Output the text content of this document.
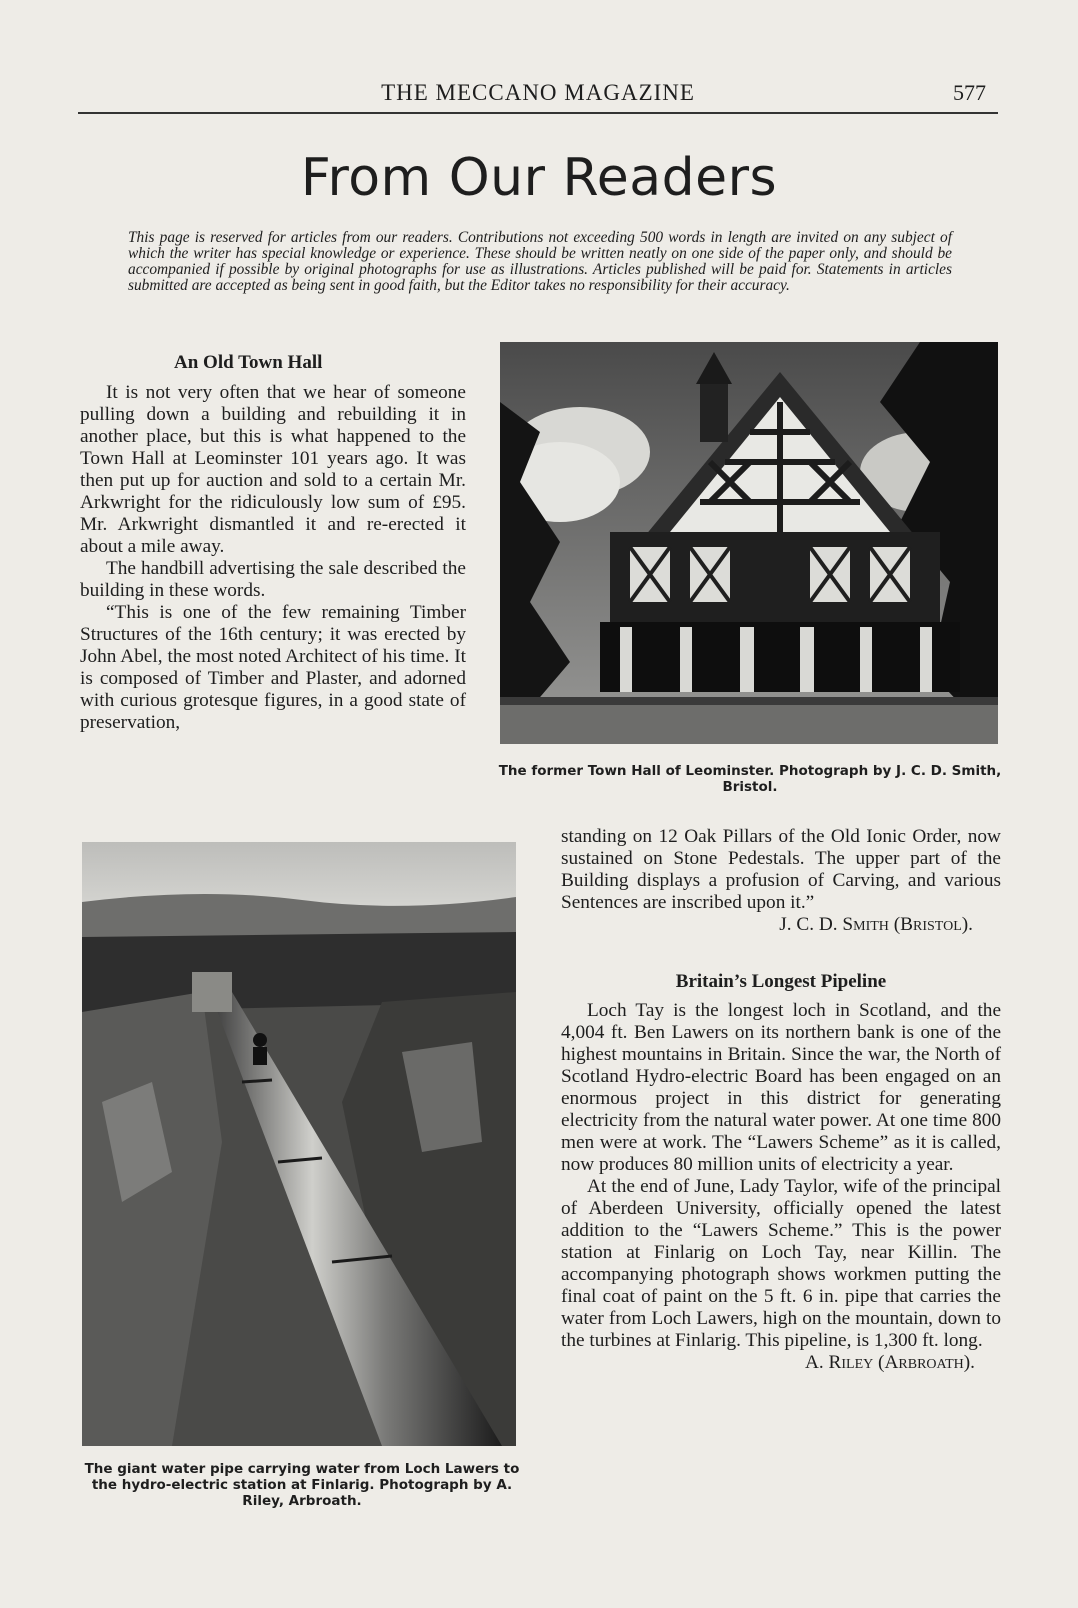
THE MECCANO MAGAZINE	577
From Our Readers
This page is reserved for articles from our readers. Contributions not exceeding 500 words in length are invited on any subject of which the writer has special knowledge or experience. These should be written neatly on one side of the paper only, and should be accompanied if possible by original photographs for use as illustrations. Articles published will be paid for. Statements in articles submitted are accepted as being sent in good faith, but the Editor takes no responsibility for their accuracy.
An Old Town Hall

It is not very often that we hear of someone pulling down a building and rebuilding it in another place, but this is what happened to the Town Hall at Leominster 101 years ago. It was then put up for auction and sold to a certain Mr. Arkwright for the ridiculously low sum of £95. Mr. Arkwright dismantled it and re-erected it about a mile away.

The handbill advertising the sale described the building in these words.

“This is one of the few remaining Timber Structures of the 16th century; it was erected by John Abel, the most noted Architect of his time. It is composed of Timber and Plaster, and adorned with curious grotesque figures, in a good state of preservation,

The former Town Hall of Leominster. Photograph by J. C. D. Smith, Bristol.
The giant water pipe carrying water from Loch Lawers to the hydro-electric station at Finlarig. Photograph by A. Riley, Arbroath.

standing on 12 Oak Pillars of the Old Ionic Order, now sustained on Stone Pedestals. The upper part of the Building displays a profusion of Carving, and various Sentences are inscribed upon it.”

J. C. D. Smith (Bristol).
Britain’s Longest Pipeline

Loch Tay is the longest loch in Scotland, and the 4,004 ft. Ben Lawers on its northern bank is one of the highest mountains in Britain. Since the war, the North of Scotland Hydro-electric Board has been engaged on an enormous project in this district for generating electricity from the natural water power. At one time 800 men were at work. The “Lawers Scheme” as it is called, now produces 80 million units of electricity a year.

At the end of June, Lady Taylor, wife of the principal of Aberdeen University, officially opened the latest addition to the “Lawers Scheme.” This is the power station at Finlarig on Loch Tay, near Killin. The accompanying photograph shows workmen putting the final coat of paint on the 5 ft. 6 in. pipe that carries the water from Loch Lawers, high on the mountain, down to the turbines at Finlarig. This pipeline, is 1,300 ft. long.

A. Riley (Arbroath).
